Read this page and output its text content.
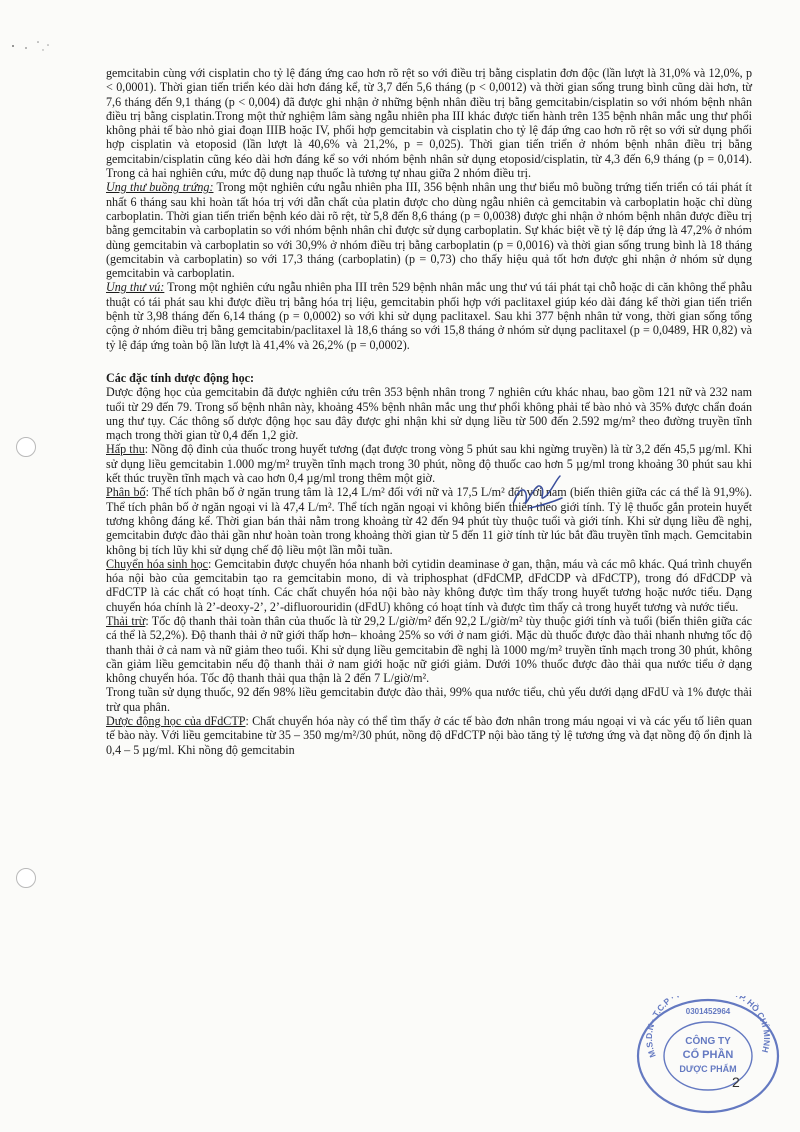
gemcitabin cùng với cisplatin cho tỷ lệ đáng ứng cao hơn rõ rệt so với điều trị bằng cisplatin đơn độc (lần lượt là 31,0% và 12,0%, p < 0,0001). Thời gian tiến triển kéo dài hơn đáng kể, từ 3,7 đến 5,6 tháng (p < 0,0012) và thời gian sống trung bình cũng dài hơn, từ 7,6 tháng đến 9,1 tháng (p < 0,004) đã được ghi nhận ở những bệnh nhân điều trị bằng gemcitabin/cisplatin so với nhóm bệnh nhân điều trị bằng cisplatin.Trong một thử nghiệm lâm sàng ngẫu nhiên pha III khác được tiến hành trên 135 bệnh nhân mắc ung thư phổi không phải tế bào nhỏ giai đoạn IIIB hoặc IV, phối hợp gemcitabin và cisplatin cho tỷ lệ đáp ứng cao hơn rõ rệt so với sử dụng phối hợp cisplatin và etoposid (lần lượt là 40,6% và 21,2%, p = 0,025). Thời gian tiến triển ở nhóm bệnh nhân điều trị bằng gemcitabin/cisplatin cũng kéo dài hơn đáng kể so với nhóm bệnh nhân sử dụng etoposid/cisplatin, từ 4,3 đến 6,9 tháng (p = 0,014). Trong cả hai nghiên cứu, mức độ dung nạp thuốc là tương tự nhau giữa 2 nhóm điều trị.

Ung thư buồng trứng: Trong một nghiên cứu ngẫu nhiên pha III, 356 bệnh nhân ung thư biểu mô buồng trứng tiến triển có tái phát ít nhất 6 tháng sau khi hoàn tất hóa trị với dẫn chất của platin được cho dùng ngẫu nhiên cả gemcitabin và carboplatin hoặc chỉ dùng carboplatin. Thời gian tiến triển bệnh kéo dài rõ rệt, từ 5,8 đến 8,6 tháng (p = 0,0038) được ghi nhận ở nhóm bệnh nhân được điều trị bằng gemcitabin và carboplatin so với nhóm bệnh nhân chỉ được sử dụng carboplatin. Sự khác biệt về tỷ lệ đáp ứng là 47,2% ở nhóm dùng gemcitabin và carboplatin so với 30,9% ở nhóm điều trị bằng carboplatin (p = 0,0016) và thời gian sống trung bình là 18 tháng (gemcitabin và carboplatin) so với 17,3 tháng (carboplatin) (p = 0,73) cho thấy hiệu quả tốt hơn được ghi nhận ở nhóm sử dụng gemcitabin và carboplatin.

Ung thư vú: Trong một nghiên cứu ngẫu nhiên pha III trên 529 bệnh nhân mắc ung thư vú tái phát tại chỗ hoặc di căn không thể phẫu thuật có tái phát sau khi được điều trị bằng hóa trị liệu, gemcitabin phối hợp với paclitaxel giúp kéo dài đáng kể thời gian tiến triển bệnh từ 3,98 tháng đến 6,14 tháng (p = 0,0002) so với khi sử dụng paclitaxel. Sau khi 377 bệnh nhân tử vong, thời gian sống tổng cộng ở nhóm điều trị bằng gemcitabin/paclitaxel là 18,6 tháng so với 15,8 tháng ở nhóm sử dụng paclitaxel (p = 0,0489, HR 0,82) và tỷ lệ đáp ứng toàn bộ lần lượt là 41,4% và 26,2% (p = 0,0002).

Các đặc tính dược động học:

Dược động học của gemcitabin đã được nghiên cứu trên 353 bệnh nhân trong 7 nghiên cứu khác nhau, bao gồm 121 nữ và 232 nam tuổi từ 29 đến 79. Trong số bệnh nhân này, khoảng 45% bệnh nhân mắc ung thư phổi không phải tế bào nhỏ và 35% được chẩn đoán ung thư tụy. Các thông số dược động học sau đây được ghi nhận khi sử dụng liều từ 500 đến 2.592 mg/m² theo đường truyền tĩnh mạch trong thời gian từ 0,4 đến 1,2 giờ.

Hấp thu: Nồng độ đỉnh của thuốc trong huyết tương (đạt được trong vòng 5 phút sau khi ngừng truyền) là từ 3,2 đến 45,5 µg/ml. Khi sử dụng liều gemcitabin 1.000 mg/m² truyền tĩnh mạch trong 30 phút, nồng độ thuốc cao hơn 5 µg/ml trong khoảng 30 phút sau khi kết thúc truyền tĩnh mạch và cao hơn 0,4 µg/ml trong thêm một giờ.

Phân bố: Thể tích phân bố ở ngăn trung tâm là 12,4 L/m² đối với nữ và 17,5 L/m² đối với nam (biến thiên giữa các cá thể là 91,9%). Thể tích phân bố ở ngăn ngoại vi là 47,4 L/m². Thể tích ngăn ngoại vi không biến thiên theo giới tính. Tỷ lệ thuốc gắn protein huyết tương không đáng kể. Thời gian bán thải nằm trong khoảng từ 42 đến 94 phút tùy thuộc tuổi và giới tính. Khi sử dụng liều đề nghị, gemcitabin được đào thải gần như hoàn toàn trong khoảng thời gian từ 5 đến 11 giờ tính từ lúc bắt đầu truyền tĩnh mạch. Gemcitabin không bị tích lũy khi sử dụng chế độ liều một lần mỗi tuần.

Chuyển hóa sinh học: Gemcitabin được chuyển hóa nhanh bởi cytidin deaminase ở gan, thận, máu và các mô khác. Quá trình chuyển hóa nội bào của gemcitabin tạo ra gemcitabin mono, di và triphosphat (dFdCMP, dFdCDP và dFdCTP), trong đó dFdCDP và dFdCTP là các chất có hoạt tính. Các chất chuyển hóa nội bào này không được tìm thấy trong huyết tương hoặc nước tiểu. Dạng chuyển hóa chính là 2’-deoxy-2’, 2’-difluorouridin (dFdU) không có hoạt tính và được tìm thấy cả trong huyết tương và nước tiểu.

Thải trừ: Tốc độ thanh thải toàn thân của thuốc là từ 29,2 L/giờ/m² đến 92,2 L/giờ/m² tùy thuộc giới tính và tuổi (biến thiên giữa các cá thể là 52,2%). Độ thanh thải ở nữ giới thấp hơn– khoảng 25% so với ở nam giới. Mặc dù thuốc được đào thải nhanh nhưng tốc độ thanh thải ở cả nam và nữ giảm theo tuổi. Khi sử dụng liều gemcitabin đề nghị là 1000 mg/m² truyền tĩnh mạch trong 30 phút, không cần giảm liều gemcitabin nếu độ thanh thải ở nam giới hoặc nữ giới giảm. Dưới 10% thuốc được đào thải qua nước tiểu ở dạng không chuyển hóa. Tốc độ thanh thải qua thận là 2 đến 7 L/giờ/m².

Trong tuần sử dụng thuốc, 92 đến 98% liều gemcitabin được đào thải, 99% qua nước tiểu, chủ yếu dưới dạng dFdU và 1% được thải trừ qua phân.

Dược động học của dFdCTP: Chất chuyển hóa này có thể tìm thấy ở các tế bào đơn nhân trong máu ngoại vi và các yếu tố liên quan tế bào này. Với liều gemcitabine từ 35 – 350 mg/m²/30 phút, nồng độ dFdCTP nội bào tăng tỷ lệ tương ứng và đạt nồng độ ổn định là 0,4 – 5 µg/ml. Khi nồng độ gemcitabin

M.S.D.N · T.C.P · P. HỒ CHÍ MINH
0301452964
CÔNG TY
CỔ PHẦN
DƯỢC PHẨM
2
